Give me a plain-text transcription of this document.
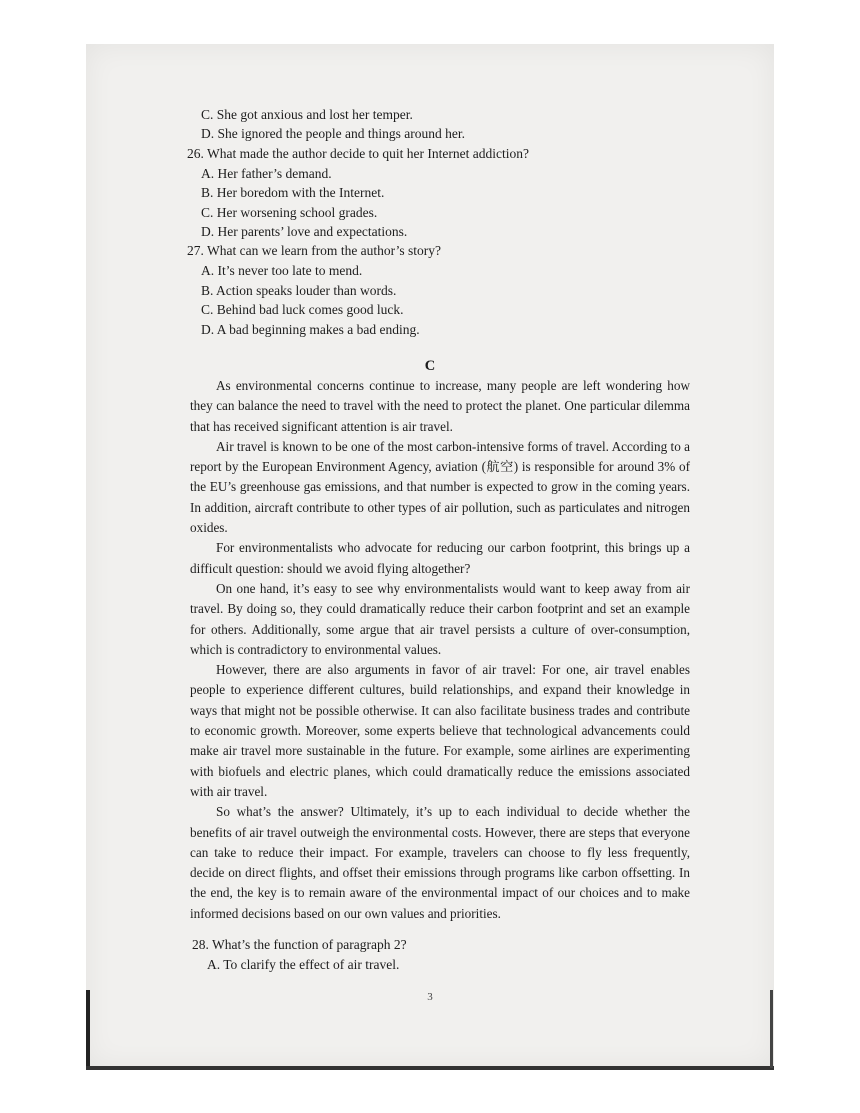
C. She got anxious and lost her temper.
D. She ignored the people and things around her.
26. What made the author decide to quit her Internet addiction?
A. Her father’s demand.
B. Her boredom with the Internet.
C. Her worsening school grades.
D. Her parents’ love and expectations.
27. What can we learn from the author’s story?
A. It’s never too late to mend.
B. Action speaks louder than words.
C. Behind bad luck comes good luck.
D. A bad beginning makes a bad ending.
C

As environmental concerns continue to increase, many people are left wondering how they can balance the need to travel with the need to protect the planet. One particular dilemma that has received significant attention is air travel.

Air travel is known to be one of the most carbon-intensive forms of travel. According to a report by the European Environment Agency, aviation (航空) is responsible for around 3% of the EU’s greenhouse gas emissions, and that number is expected to grow in the coming years. In addition, aircraft contribute to other types of air pollution, such as particulates and nitrogen oxides.

For environmentalists who advocate for reducing our carbon footprint, this brings up a difficult question: should we avoid flying altogether?

On one hand, it’s easy to see why environmentalists would want to keep away from air travel. By doing so, they could dramatically reduce their carbon footprint and set an example for others. Additionally, some argue that air travel persists a culture of over-consumption, which is contradictory to environmental values.

However, there are also arguments in favor of air travel: For one, air travel enables people to experience different cultures, build relationships, and expand their knowledge in ways that might not be possible otherwise. It can also facilitate business trades and contribute to economic growth. Moreover, some experts believe that technological advancements could make air travel more sustainable in the future. For example, some airlines are experimenting with biofuels and electric planes, which could dramatically reduce the emissions associated with air travel.

So what’s the answer? Ultimately, it’s up to each individual to decide whether the benefits of air travel outweigh the environmental costs. However, there are steps that everyone can take to reduce their impact. For example, travelers can choose to fly less frequently, decide on direct flights, and offset their emissions through programs like carbon offsetting. In the end, the key is to remain aware of the environmental impact of our choices and to make informed decisions based on our own values and priorities.

28. What’s the function of paragraph 2?
A. To clarify the effect of air travel.
3
